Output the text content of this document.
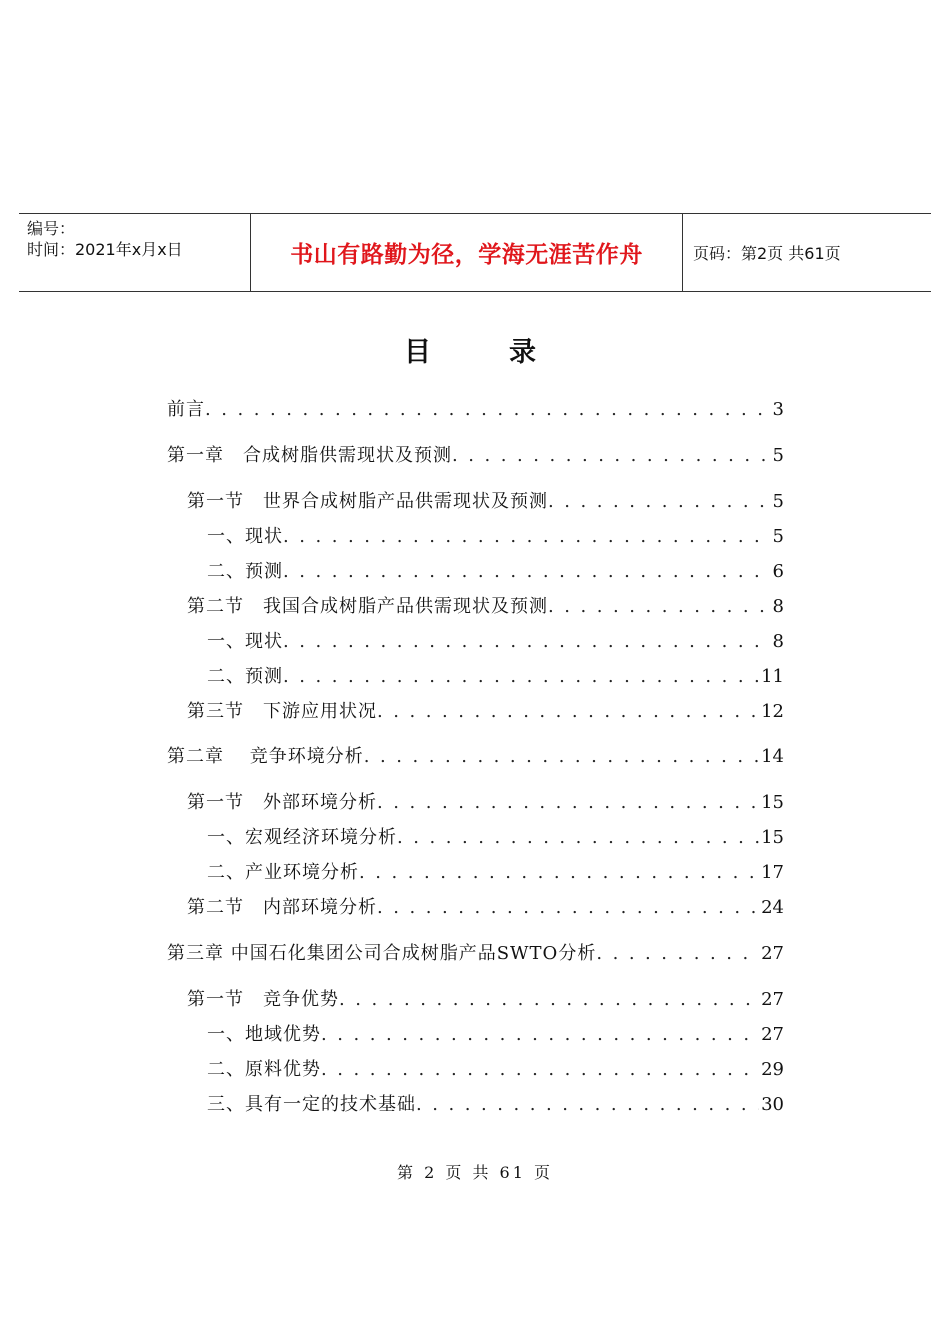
编号：
时间：2021年x月x日	书山有路勤为径，学海无涯苦作舟	页码：第2页 共61页
目录
前言 . . .	3
第一章　合成树脂供需现状及预测 . . .	5
第一节　世界合成树脂产品供需现状及预测 . . .	5
一、现状 . . .	5
二、预测 . . .	6
第二节　我国合成树脂产品供需现状及预测 . . .	8
一、现状 . . .	8
二、预测 . . .	11
第三节　下游应用状况 . . .	12
第二章　 竞争环境分析 . . .	14
第一节　外部环境分析 . . .	15
一、宏观经济环境分析 . . .	15
二、产业环境分析 . . .	17
第二节　内部环境分析 . . .	24
第三章 中国石化集团公司合成树脂产品SWTO分析 . . .	27
第一节　竞争优势 . . .	27
一、地域优势 . . .	27
二、原料优势 . . .	29
三、具有一定的技术基础 . . .	30
第 2 页 共 61 页
